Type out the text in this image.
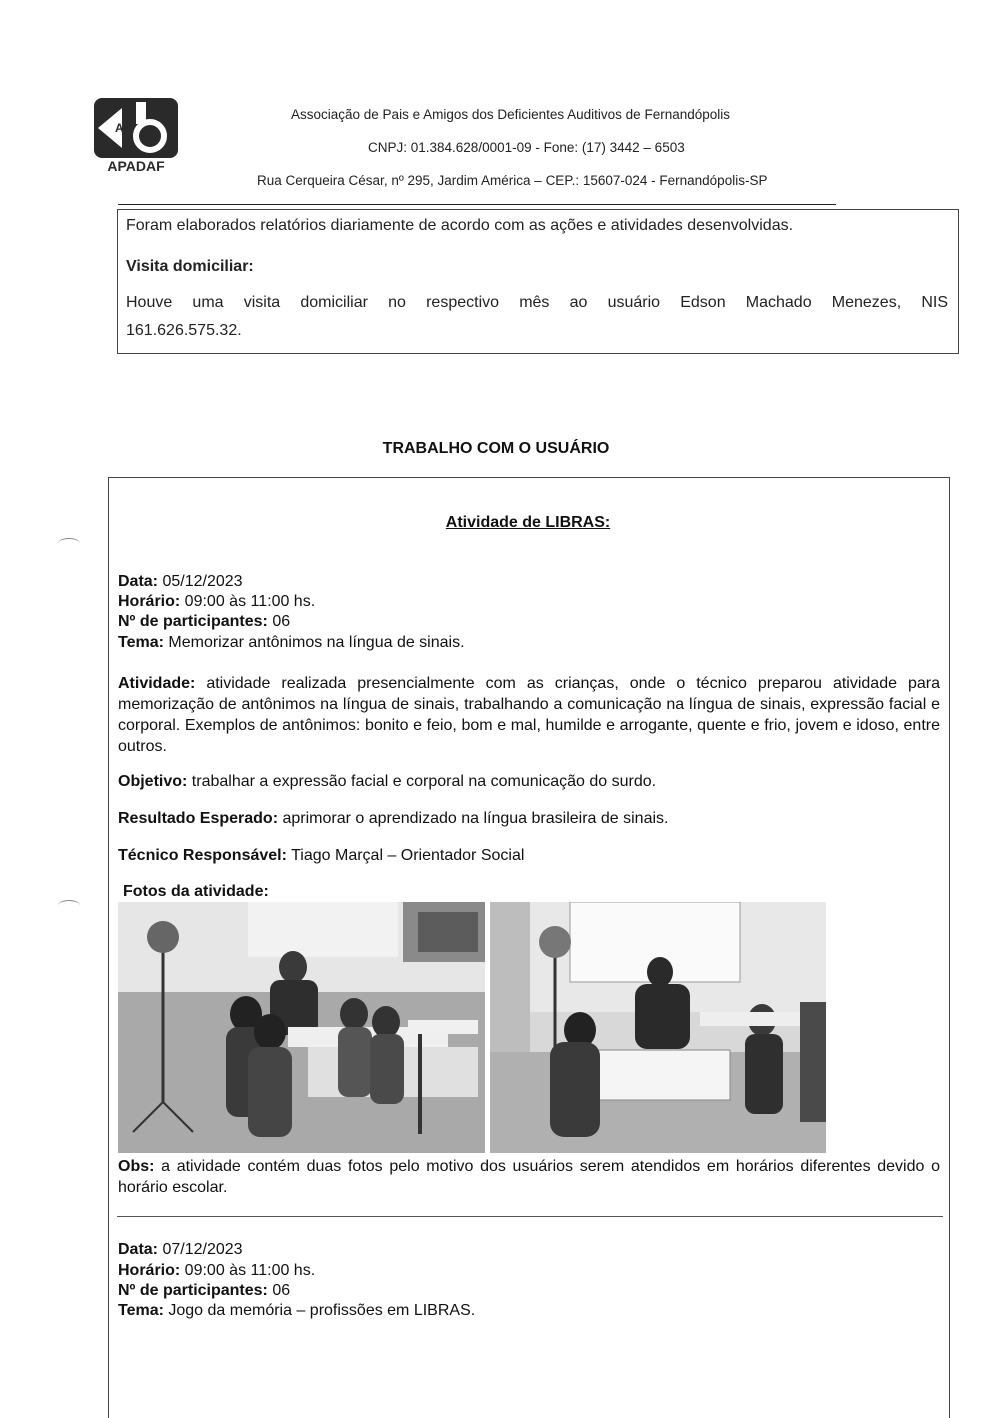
A
APADAF
Associação de Pais e Amigos dos Deficientes Auditivos de Fernandópolis
CNPJ: 01.384.628/0001-09 - Fone: (17) 3442 – 6503
Rua Cerqueira César, nº 295, Jardim América – CEP.: 15607-024 - Fernandópolis-SP
Foram elaborados relatórios diariamente de acordo com as ações e atividades desenvolvidas.
Visita domiciliar:
Houve uma visita domiciliar no respectivo mês ao usuário Edson Machado Menezes, NIS
161.626.575.32.
TRABALHO COM O USUÁRIO
Atividade de LIBRAS:
Data: 05/12/2023
Horário: 09:00 às 11:00 hs.
Nº de participantes: 06
Tema: Memorizar antônimos na língua de sinais.
Atividade: atividade realizada presencialmente com as crianças, onde o técnico preparou atividade para memorização de antônimos na língua de sinais, trabalhando a comunicação na língua de sinais, expressão facial e corporal. Exemplos de antônimos: bonito e feio, bom e mal, humilde e arrogante, quente e frio, jovem e idoso, entre outros.
Objetivo: trabalhar a expressão facial e corporal na comunicação do surdo.
Resultado Esperado: aprimorar o aprendizado na língua brasileira de sinais.
Técnico Responsável: Tiago Marçal – Orientador Social
Fotos da atividade:
Obs: a atividade contém duas fotos pelo motivo dos usuários serem atendidos em horários diferentes devido o horário escolar.
Data: 07/12/2023
Horário: 09:00 às 11:00 hs.
Nº de participantes: 06
Tema: Jogo da memória – profissões em LIBRAS.
